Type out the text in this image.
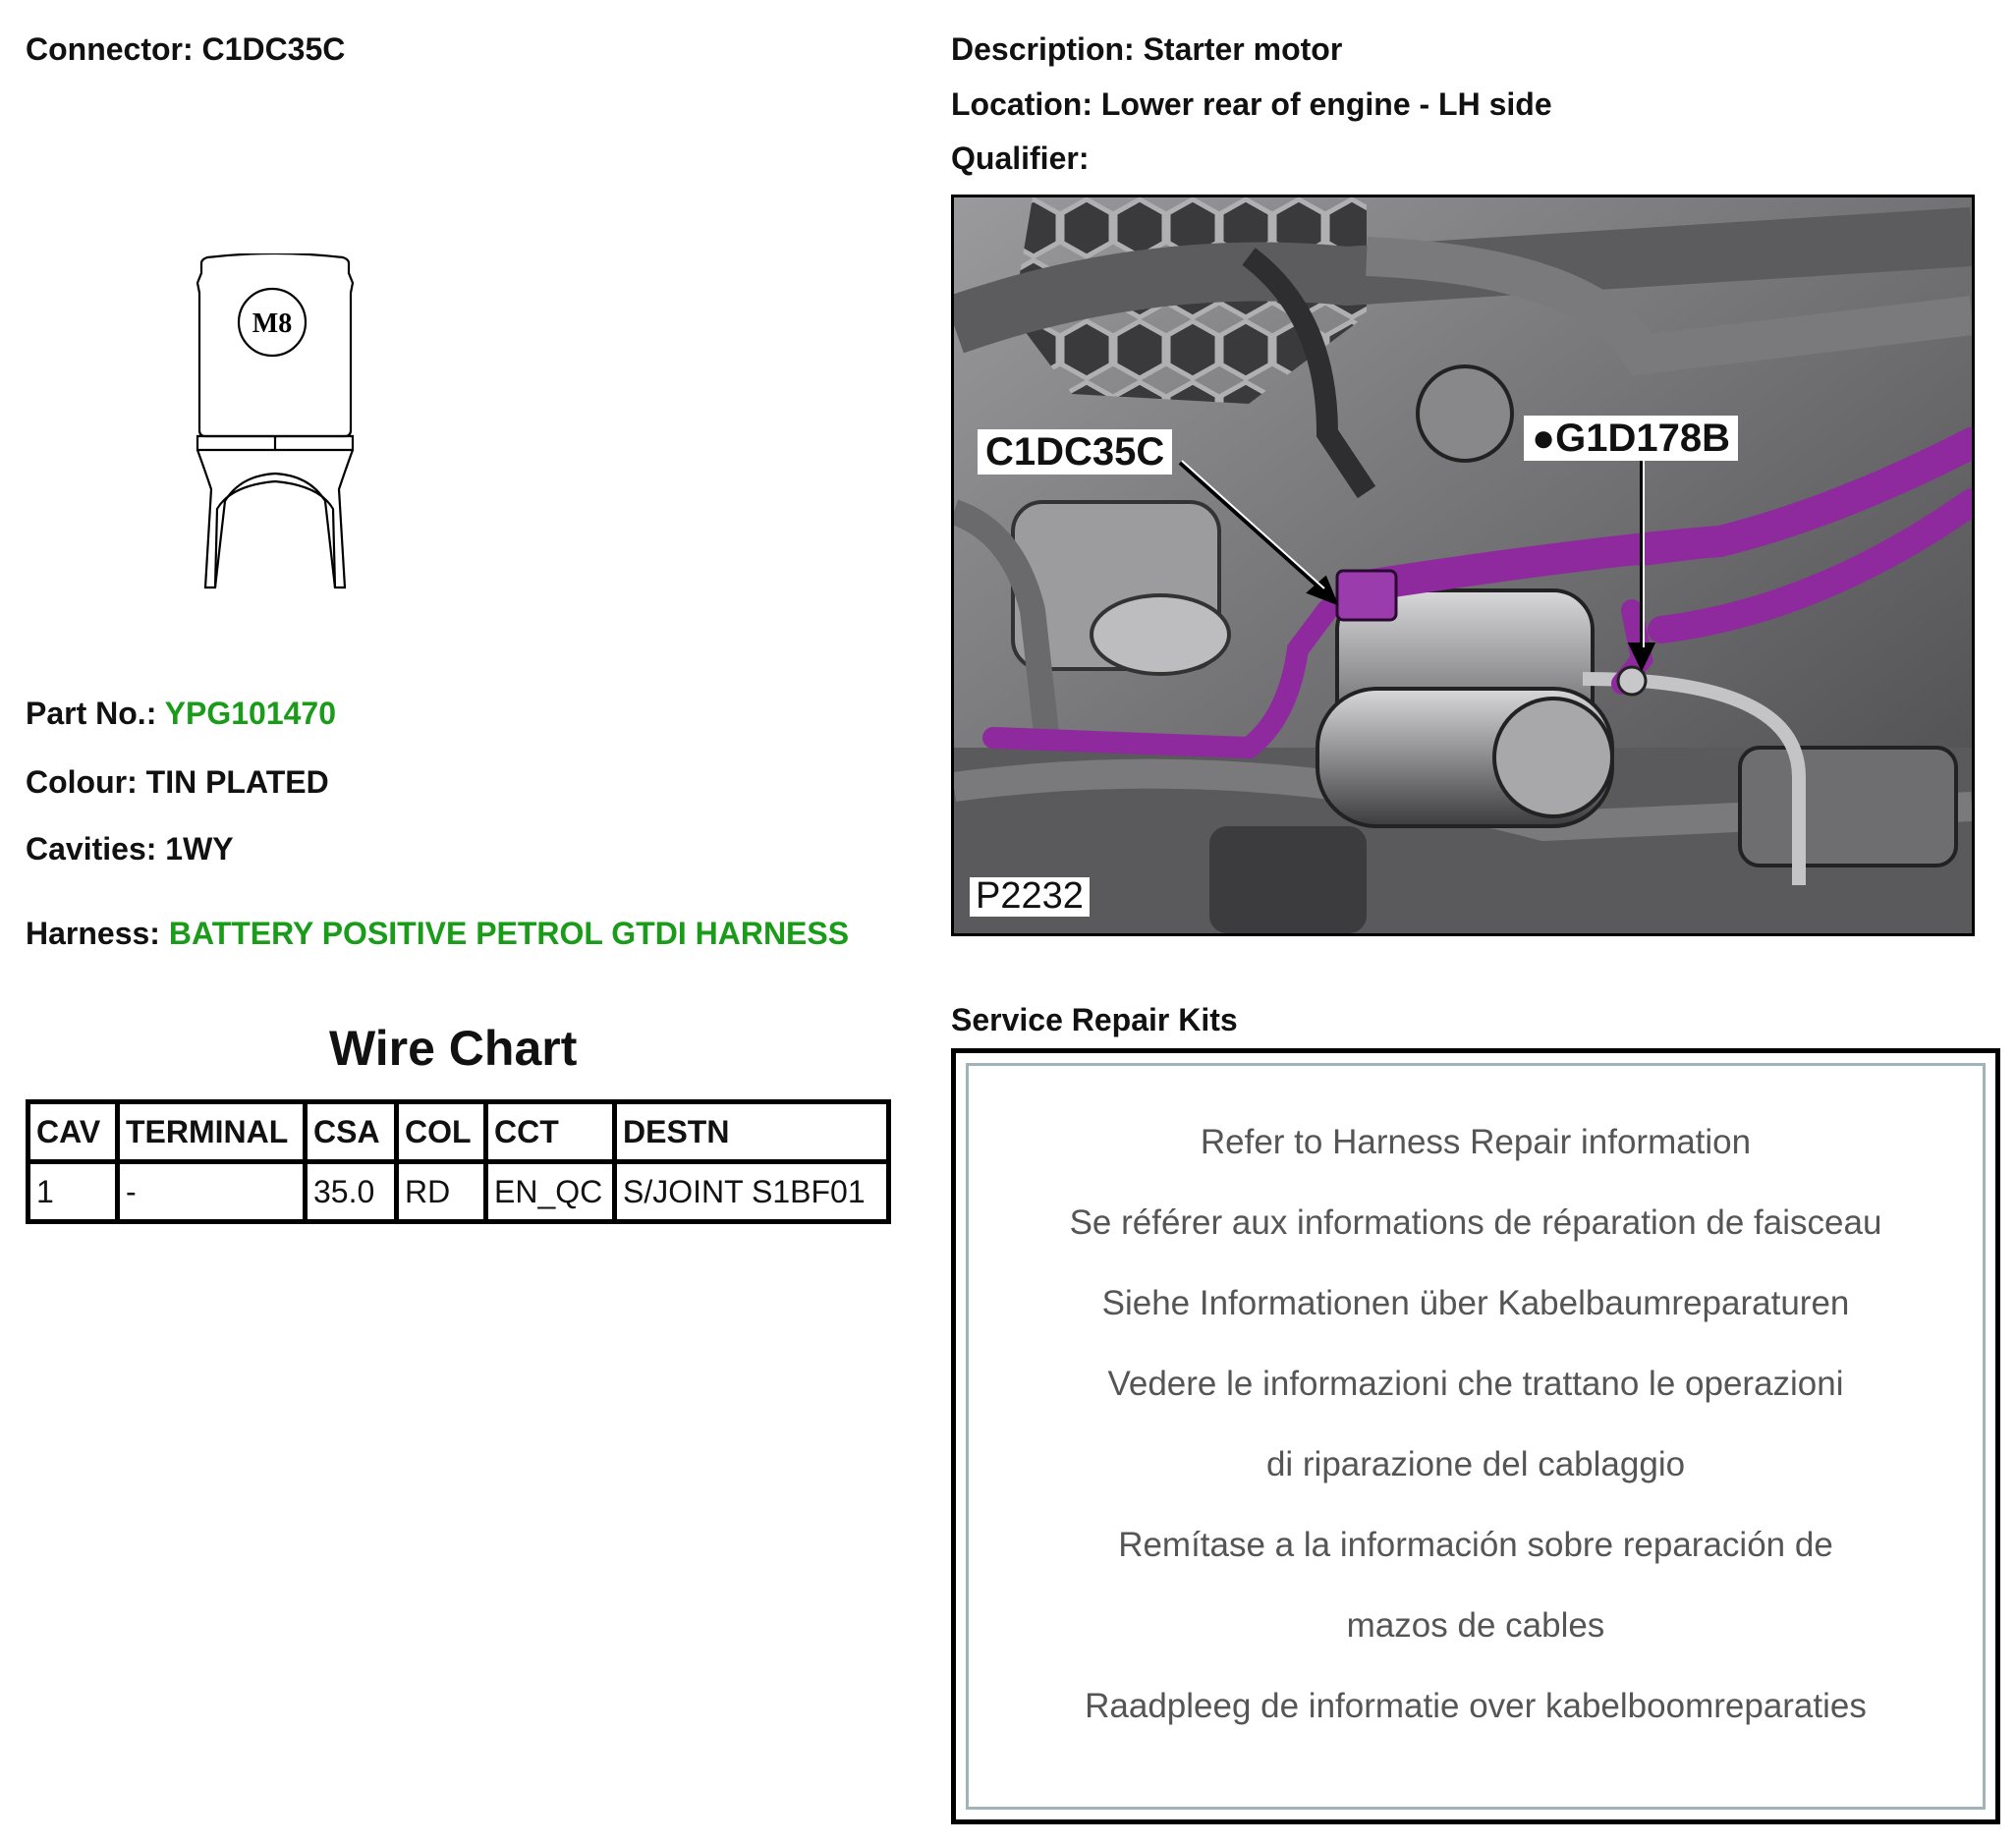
Connector: C1DC35C	Description: Starter motor
Location: Lower rear of engine - LH side
Qualifier:
M8
Part No.: YPG101470
Colour: TIN PLATED
Cavities: 1WY
Harness: BATTERY POSITIVE PETROL GTDI HARNESS
Wire Chart
CAV	TERMINAL	CSA	COL	CCT	DESTN
1	-	35.0	RD	EN_QC	S/JOINT S1BF01
C1DC35C	●G1D178B
P2232
Service Repair Kits
Refer to Harness Repair information
Se référer aux informations de réparation de faisceau
Siehe Informationen über Kabelbaumreparaturen
Vedere le informazioni che trattano le operazioni
di riparazione del cablaggio
Remítase a la información sobre reparación de
mazos de cables
Raadpleeg de informatie over kabelboomreparaties
